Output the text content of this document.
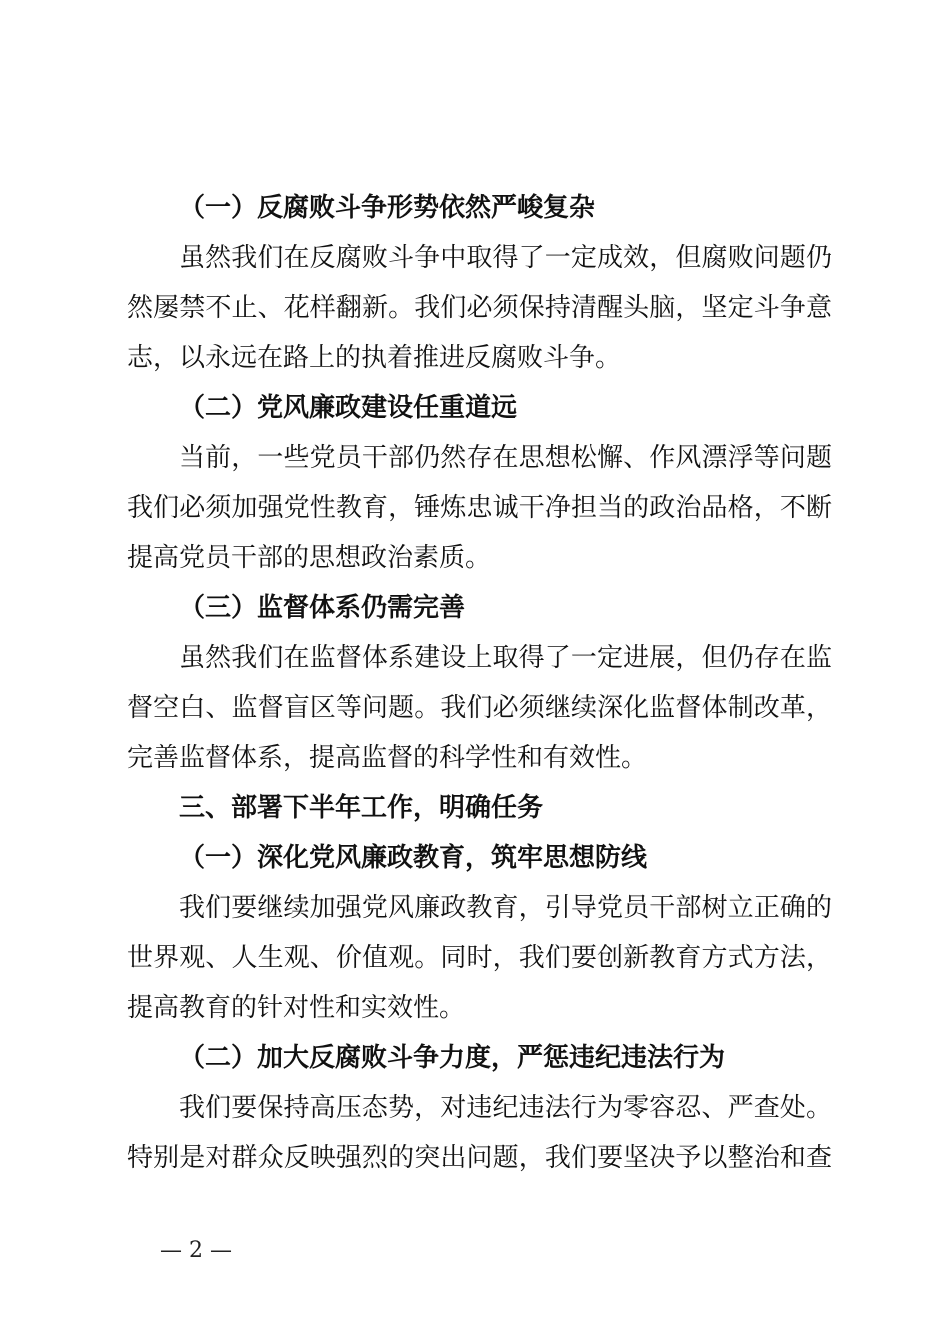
（一）反腐败斗争形势依然严峻复杂
虽然我们在反腐败斗争中取得了一定成效，但腐败问题仍
然屡禁不止、花样翻新。我们必须保持清醒头脑，坚定斗争意
志，以永远在路上的执着推进反腐败斗争。
（二）党风廉政建设任重道远
当前，一些党员干部仍然存在思想松懈、作风漂浮等问题
我们必须加强党性教育，锤炼忠诚干净担当的政治品格，不断
提高党员干部的思想政治素质。
（三）监督体系仍需完善
虽然我们在监督体系建设上取得了一定进展，但仍存在监
督空白、监督盲区等问题。我们必须继续深化监督体制改革，
完善监督体系，提高监督的科学性和有效性。
三、部署下半年工作，明确任务
（一）深化党风廉政教育，筑牢思想防线
我们要继续加强党风廉政教育，引导党员干部树立正确的
世界观、人生观、价值观。同时，我们要创新教育方式方法，
提高教育的针对性和实效性。
（二）加大反腐败斗争力度，严惩违纪违法行为
我们要保持高压态势，对违纪违法行为零容忍、严查处。
特别是对群众反映强烈的突出问题，我们要坚决予以整治和查
— 2 —
